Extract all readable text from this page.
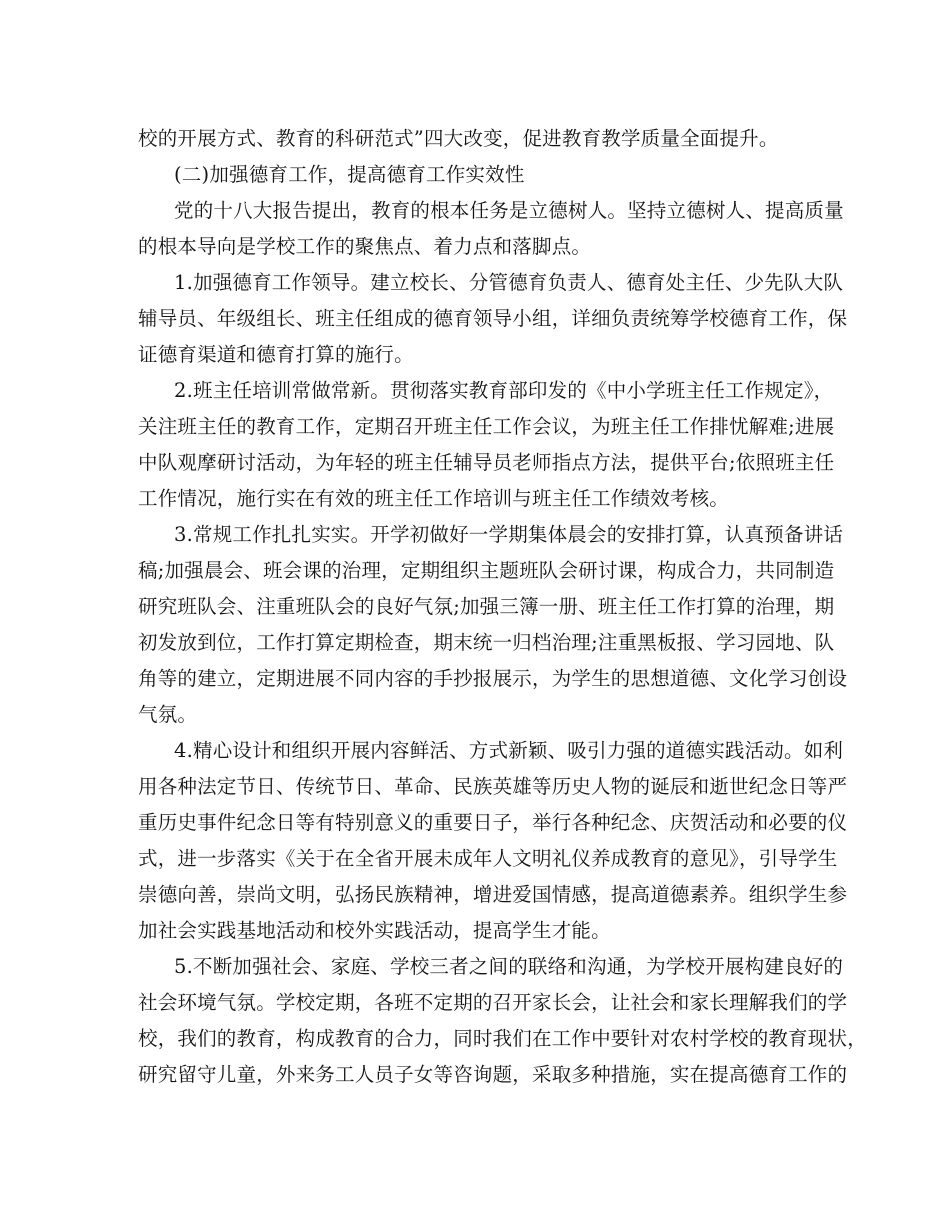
校的开展方式、教育的科研范式”四大改变，促进教育教学质量全面提升。
(二)加强德育工作，提高德育工作实效性
党的十八大报告提出，教育的根本任务是立德树人。坚持立德树人、提高质量
的根本导向是学校工作的聚焦点、着力点和落脚点。
1.加强德育工作领导。建立校长、分管德育负责人、德育处主任、少先队大队
辅导员、年级组长、班主任组成的德育领导小组，详细负责统筹学校德育工作，保
证德育渠道和德育打算的施行。
2.班主任培训常做常新。贯彻落实教育部印发的《中小学班主任工作规定》，
关注班主任的教育工作，定期召开班主任工作会议，为班主任工作排忧解难;进展
中队观摩研讨活动，为年轻的班主任辅导员老师指点方法，提供平台;依照班主任
工作情况，施行实在有效的班主任工作培训与班主任工作绩效考核。
3.常规工作扎扎实实。开学初做好一学期集体晨会的安排打算，认真预备讲话
稿;加强晨会、班会课的治理，定期组织主题班队会研讨课，构成合力，共同制造
研究班队会、注重班队会的良好气氛;加强三簿一册、班主任工作打算的治理，期
初发放到位，工作打算定期检查，期末统一归档治理;注重黑板报、学习园地、队
角等的建立，定期进展不同内容的手抄报展示，为学生的思想道德、文化学习创设
气氛。
4.精心设计和组织开展内容鲜活、方式新颖、吸引力强的道德实践活动。如利
用各种法定节日、传统节日、革命、民族英雄等历史人物的诞辰和逝世纪念日等严
重历史事件纪念日等有特别意义的重要日子，举行各种纪念、庆贺活动和必要的仪
式，进一步落实《关于在全省开展未成年人文明礼仪养成教育的意见》，引导学生
崇德向善，崇尚文明，弘扬民族精神，增进爱国情感，提高道德素养。组织学生参
加社会实践基地活动和校外实践活动，提高学生才能。
5.不断加强社会、家庭、学校三者之间的联络和沟通，为学校开展构建良好的
社会环境气氛。学校定期，各班不定期的召开家长会，让社会和家长理解我们的学
校，我们的教育，构成教育的合力，同时我们在工作中要针对农村学校的教育现状，
研究留守儿童，外来务工人员子女等咨询题，采取多种措施，实在提高德育工作的
